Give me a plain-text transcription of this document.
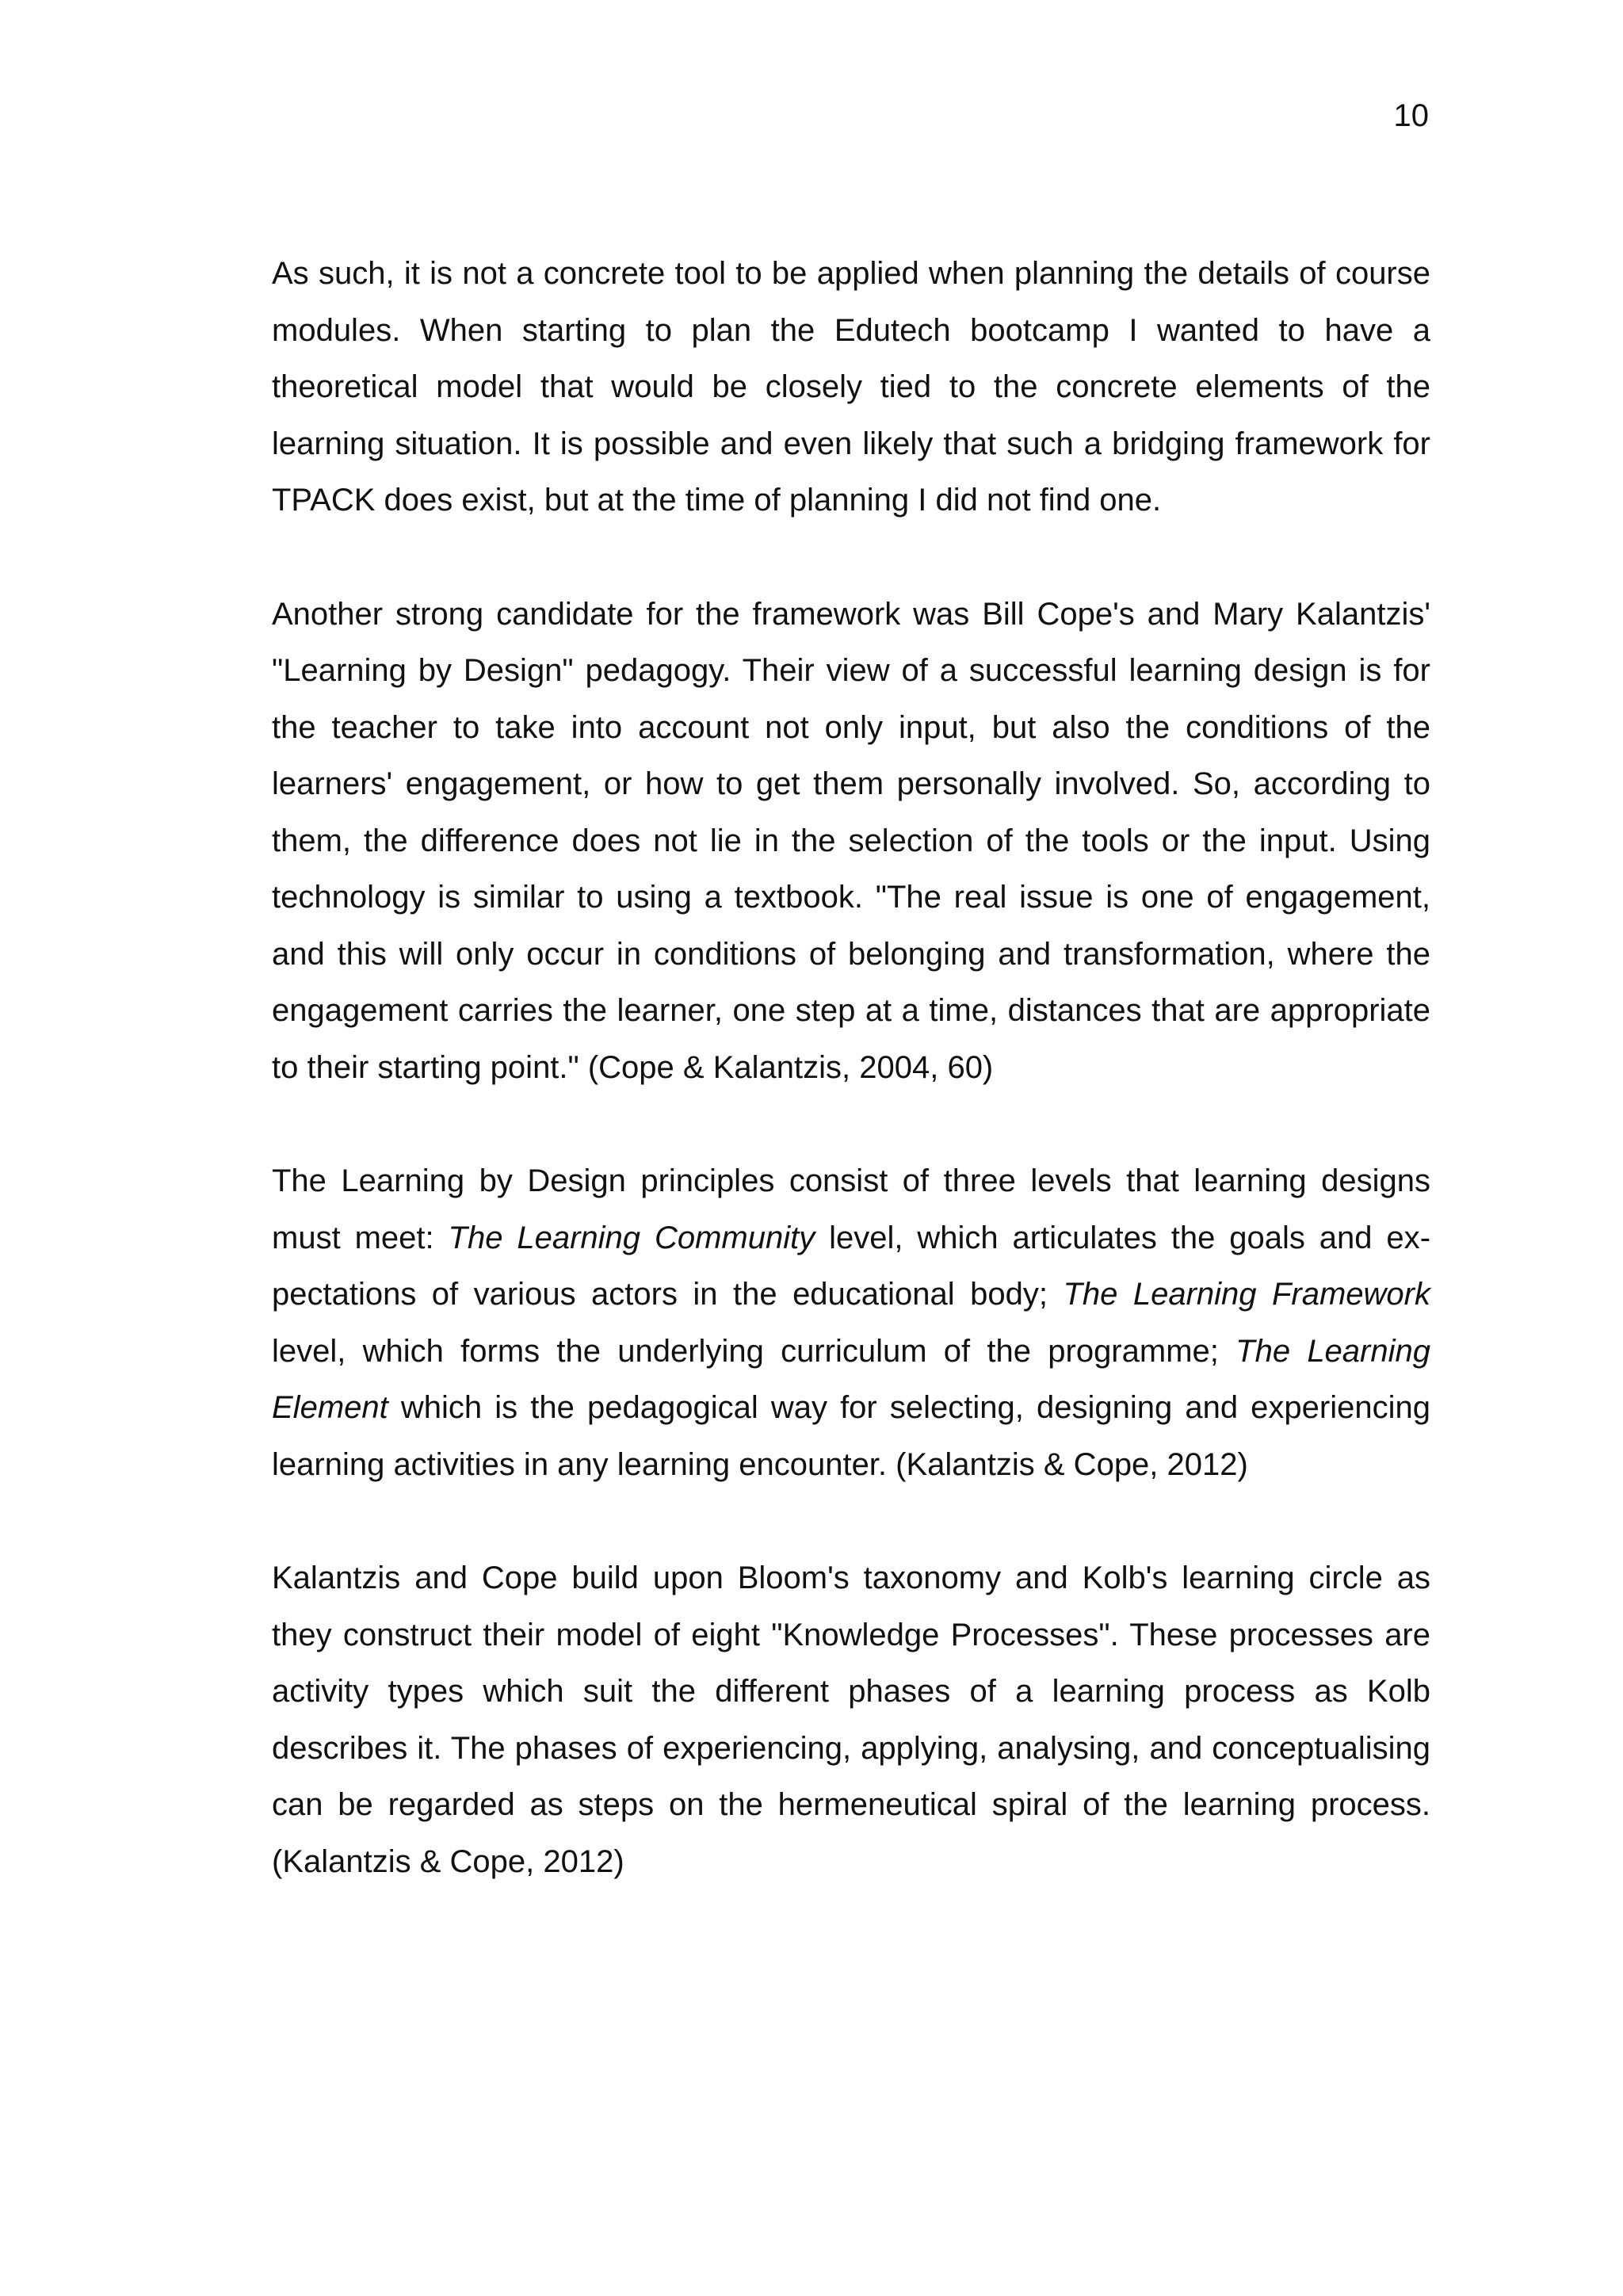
10

As such, it is not a concrete tool to be applied when planning the details of course modules. When starting to plan the Edutech bootcamp I wanted to have a theoretical model that would be closely tied to the concrete elements of the learning situation. It is possible and even likely that such a bridging framework for TPACK does exist, but at the time of planning I did not find one.

Another strong candidate for the framework was Bill Cope's and Mary Kalantzis' "Learning by Design" pedagogy. Their view of a successful learning design is for the teacher to take into account not only input, but also the conditions of the learners' engagement, or how to get them personally involved. So, according to them, the difference does not lie in the selection of the tools or the input. Using technology is similar to using a textbook. "The real issue is one of engagement, and this will only occur in conditions of belonging and transformation, where the engagement carries the learner, one step at a time, distances that are appropriate to their starting point." (Cope & Kalantzis, 2004, 60)

The Learning by Design principles consist of three levels that learning designs must meet: The Learning Community level, which articulates the goals and expectations of various actors in the educational body; The Learning Framework level, which forms the underlying curriculum of the programme; The Learning Element which is the pedagogical way for selecting, designing and experiencing learning activities in any learning encounter. (Kalantzis & Cope, 2012)

Kalantzis and Cope build upon Bloom's taxonomy and Kolb's learning circle as they construct their model of eight "Knowledge Processes". These processes are activity types which suit the different phases of a learning process as Kolb describes it. The phases of experiencing, applying, analysing, and conceptualising can be regarded as steps on the hermeneutical spiral of the learning process. (Kalantzis & Cope, 2012)
